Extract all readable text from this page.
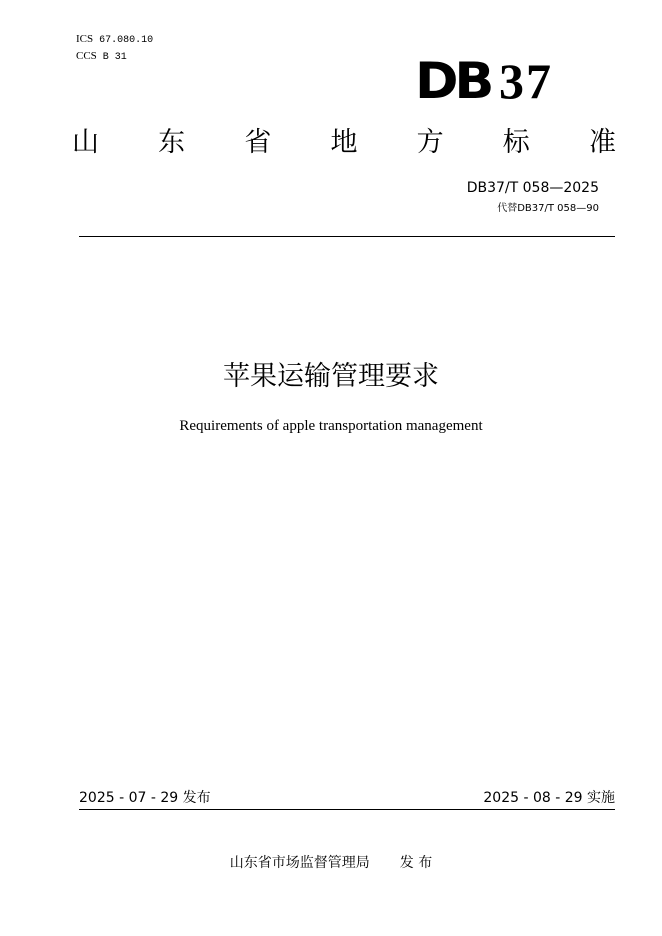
ICS 67.080.10
CCS B 31	DB 37
山 东 省 地 方 标 准
DB37/T 058—2025
代替DB37/T 058—90
苹果运输管理要求
Requirements of apple transportation management
2025 - 07 - 29 发布	2025 - 08 - 29 实施
山东省市场监督管理局 发 布
